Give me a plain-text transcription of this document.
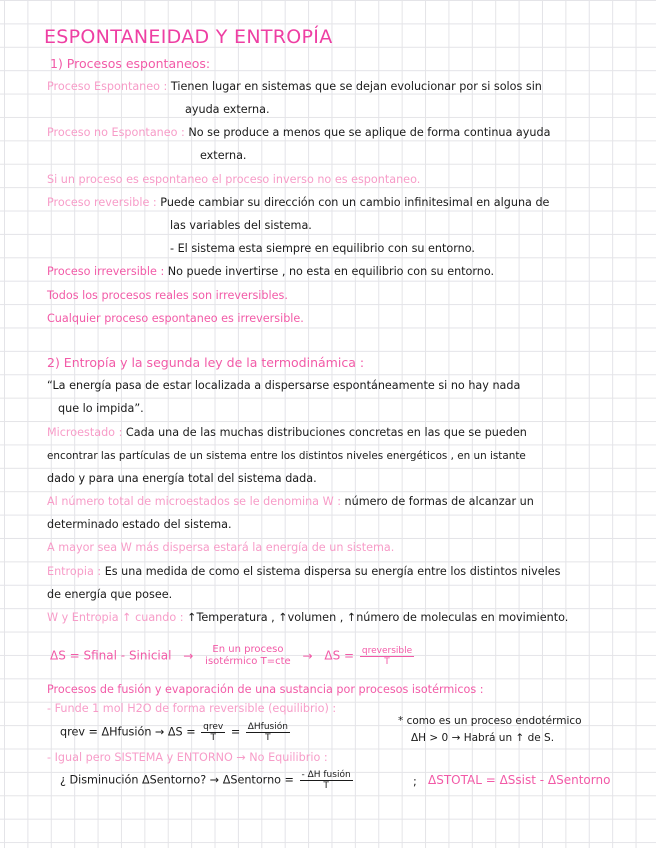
ESPONTANEIDAD Y ENTROPÍA
1) Procesos espontaneos:
Proceso Espontaneo : Tienen lugar en sistemas que se dejan evolucionar por si solos sin
ayuda externa.
Proceso no Espontaneo : No se produce a menos que se aplique de forma continua ayuda
externa.
Si un proceso es espontaneo el proceso inverso no es espontaneo.
Proceso reversible : Puede cambiar su dirección con un cambio infinitesimal en alguna de
las variables del sistema.
- El sistema esta siempre en equilibrio con su entorno.
Proceso irreversible : No puede invertirse , no esta en equilibrio con su entorno.
Todos los procesos reales son irreversibles.
Cualquier proceso espontaneo es irreversible.
2) Entropía y la segunda ley de la termodinámica :
“La energía pasa de estar localizada a dispersarse espontáneamente si no hay nada
que lo impida”.
Microestado : Cada una de las muchas distribuciones concretas en las que se pueden
encontrar las partículas de un sistema entre los distintos niveles energéticos , en un istante
dado y para una energía total del sistema dada.
Al número total de microestados se le denomina W : número de formas de alcanzar un
determinado estado del sistema.
A mayor sea W más dispersa estará la energía de un sistema.
Entropia : Es una medida de como el sistema dispersa su energía entre los distintos niveles
de energía que posee.
W y Entropia ↑ cuando : ↑Temperatura , ↑volumen , ↑número de moleculas en movimiento.
ΔS = Sfinal - Sinicial →	En un proceso
isotérmico $T=cte \to \Delta S = \frac{\text{qreversible}}{T}$
Procesos de fusión y evaporación de una sustancia por procesos isotérmicos :
- Funde 1 mol H2O de forma reversible (equilibrio) :
qrev = ΔHfusión → $\Delta S = \frac{\text{qrev}}{T} = \frac{\text{ΔHfusión}}{T}$
* como es un proceso endotérmico
ΔH > 0 → Habrá un ↑ de S.
- Igual pero SISTEMA y ENTORNO → No Equilibrio :
¿ Disminución ΔSentorno? → ΔSentorno = $\frac{\text{- ΔH fusión}}{T}$	; ΔSTOTAL = ΔSsist - ΔSentorno
